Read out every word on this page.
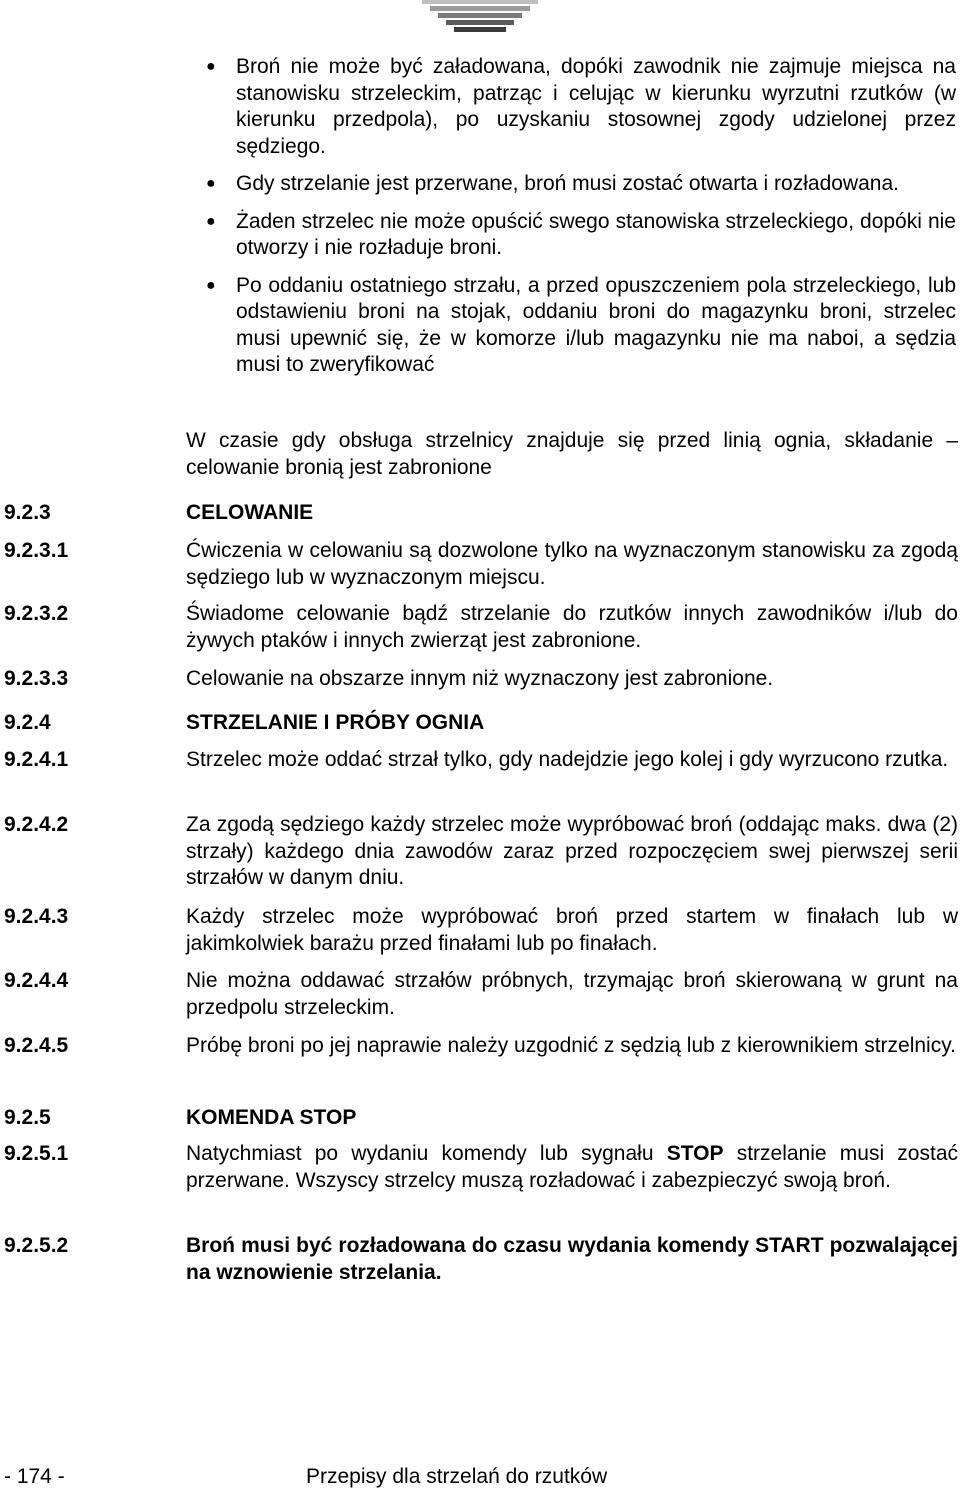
● Broń nie może być załadowana, dopóki zawodnik nie zajmuje miejsca na stanowisku strzeleckim, patrząc i celując w kierunku wyrzutni rzutków (w kierunku przedpola), po uzyskaniu stosownej zgody udzielonej przez sędziego.
● Gdy strzelanie jest przerwane, broń musi zostać otwarta i rozładowana.
● Żaden strzelec nie może opuścić swego stanowiska strzeleckiego, dopóki nie otworzy i nie rozładuje broni.
● Po oddaniu ostatniego strzału, a przed opuszczeniem pola strzeleckiego, lub odstawieniu broni na stojak, oddaniu broni do magazynku broni, strzelec musi upewnić się, że w komorze i/lub magazynku nie ma naboi, a sędzia musi to zweryfikować

W czasie gdy obsługa strzelnicy znajduje się przed linią ognia, składanie – celowanie bronią jest zabronione

9.2.3	CELOWANIE
9.2.3.1	Ćwiczenia w celowaniu są dozwolone tylko na wyznaczonym stanowisku za zgodą sędziego lub w wyznaczonym miejscu.

9.2.3.2	Świadome celowanie bądź strzelanie do rzutków innych zawodników i/lub do żywych ptaków i innych zwierząt jest zabronione.

9.2.3.3	Celowanie na obszarze innym niż wyznaczony jest zabronione.

9.2.4	STRZELANIE I PRÓBY OGNIA
9.2.4.1	Strzelec może oddać strzał tylko, gdy nadejdzie jego kolej i gdy wyrzucono rzutka.

9.2.4.2	Za zgodą sędziego każdy strzelec może wypróbować broń (oddając maks. dwa (2) strzały) każdego dnia zawodów zaraz przed rozpoczęciem swej pierwszej serii strzałów w danym dniu.

9.2.4.3	Każdy strzelec może wypróbować broń przed startem w finałach lub w jakimkolwiek barażu przed finałami lub po finałach.

9.2.4.4	Nie można oddawać strzałów próbnych, trzymając broń skierowaną w grunt na przedpolu strzeleckim.

9.2.4.5	Próbę broni po jej naprawie należy uzgodnić z sędzią lub z kierownikiem strzelnicy.

9.2.5	KOMENDA STOP
9.2.5.1	Natychmiast po wydaniu komendy lub sygnału STOP strzelanie musi zostać przerwane. Wszyscy strzelcy muszą rozładować i zabezpieczyć swoją broń.

9.2.5.2	Broń musi być rozładowana do czasu wydania komendy START pozwalającej na wznowienie strzelania.

- 174 -	Przepisy dla strzelań do rzutków
